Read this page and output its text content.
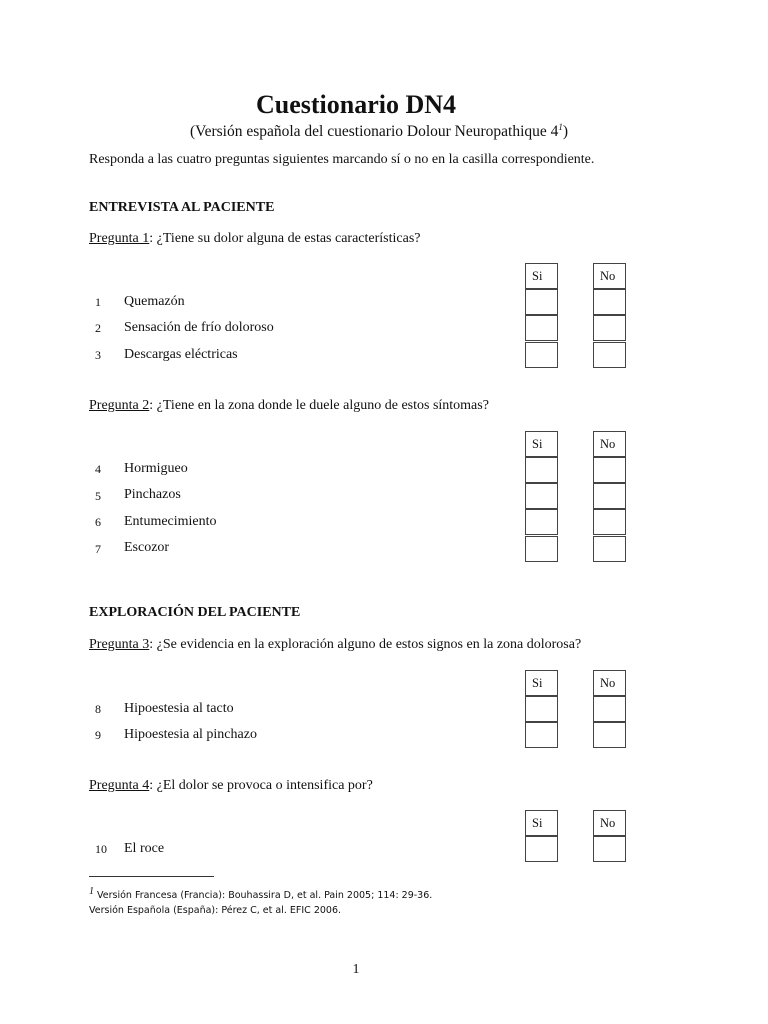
Cuestionario DN4
(Versión española del cuestionario Dolour Neuropathique $4^1$)
Responda a las cuatro preguntas siguientes marcando sí o no en la casilla correspondiente.
ENTREVISTA AL PACIENTE
Pregunta 1: ¿Tiene su dolor alguna de estas características?
Si	No
1 Quemazón
2 Sensación de frío doloroso
3 Descargas eléctricas
Pregunta 2: ¿Tiene en la zona donde le duele alguno de estos síntomas?
Si	No
4 Hormigueo
5 Pinchazos
6 Entumecimiento
7 Escozor
EXPLORACIÓN DEL PACIENTE
Pregunta 3: ¿Se evidencia en la exploración alguno de estos signos en la zona dolorosa?
Si	No
8 Hipoestesia al tacto
9 Hipoestesia al pinchazo
Pregunta 4: ¿El dolor se provoca o intensifica por?
Si	No
10 El roce
$^1$ Versión Francesa (Francia): Bouhassira D, et al. Pain 2005; 114: 29-36.
Versión Española (España): Pérez C, et al. EFIC 2006.
1
